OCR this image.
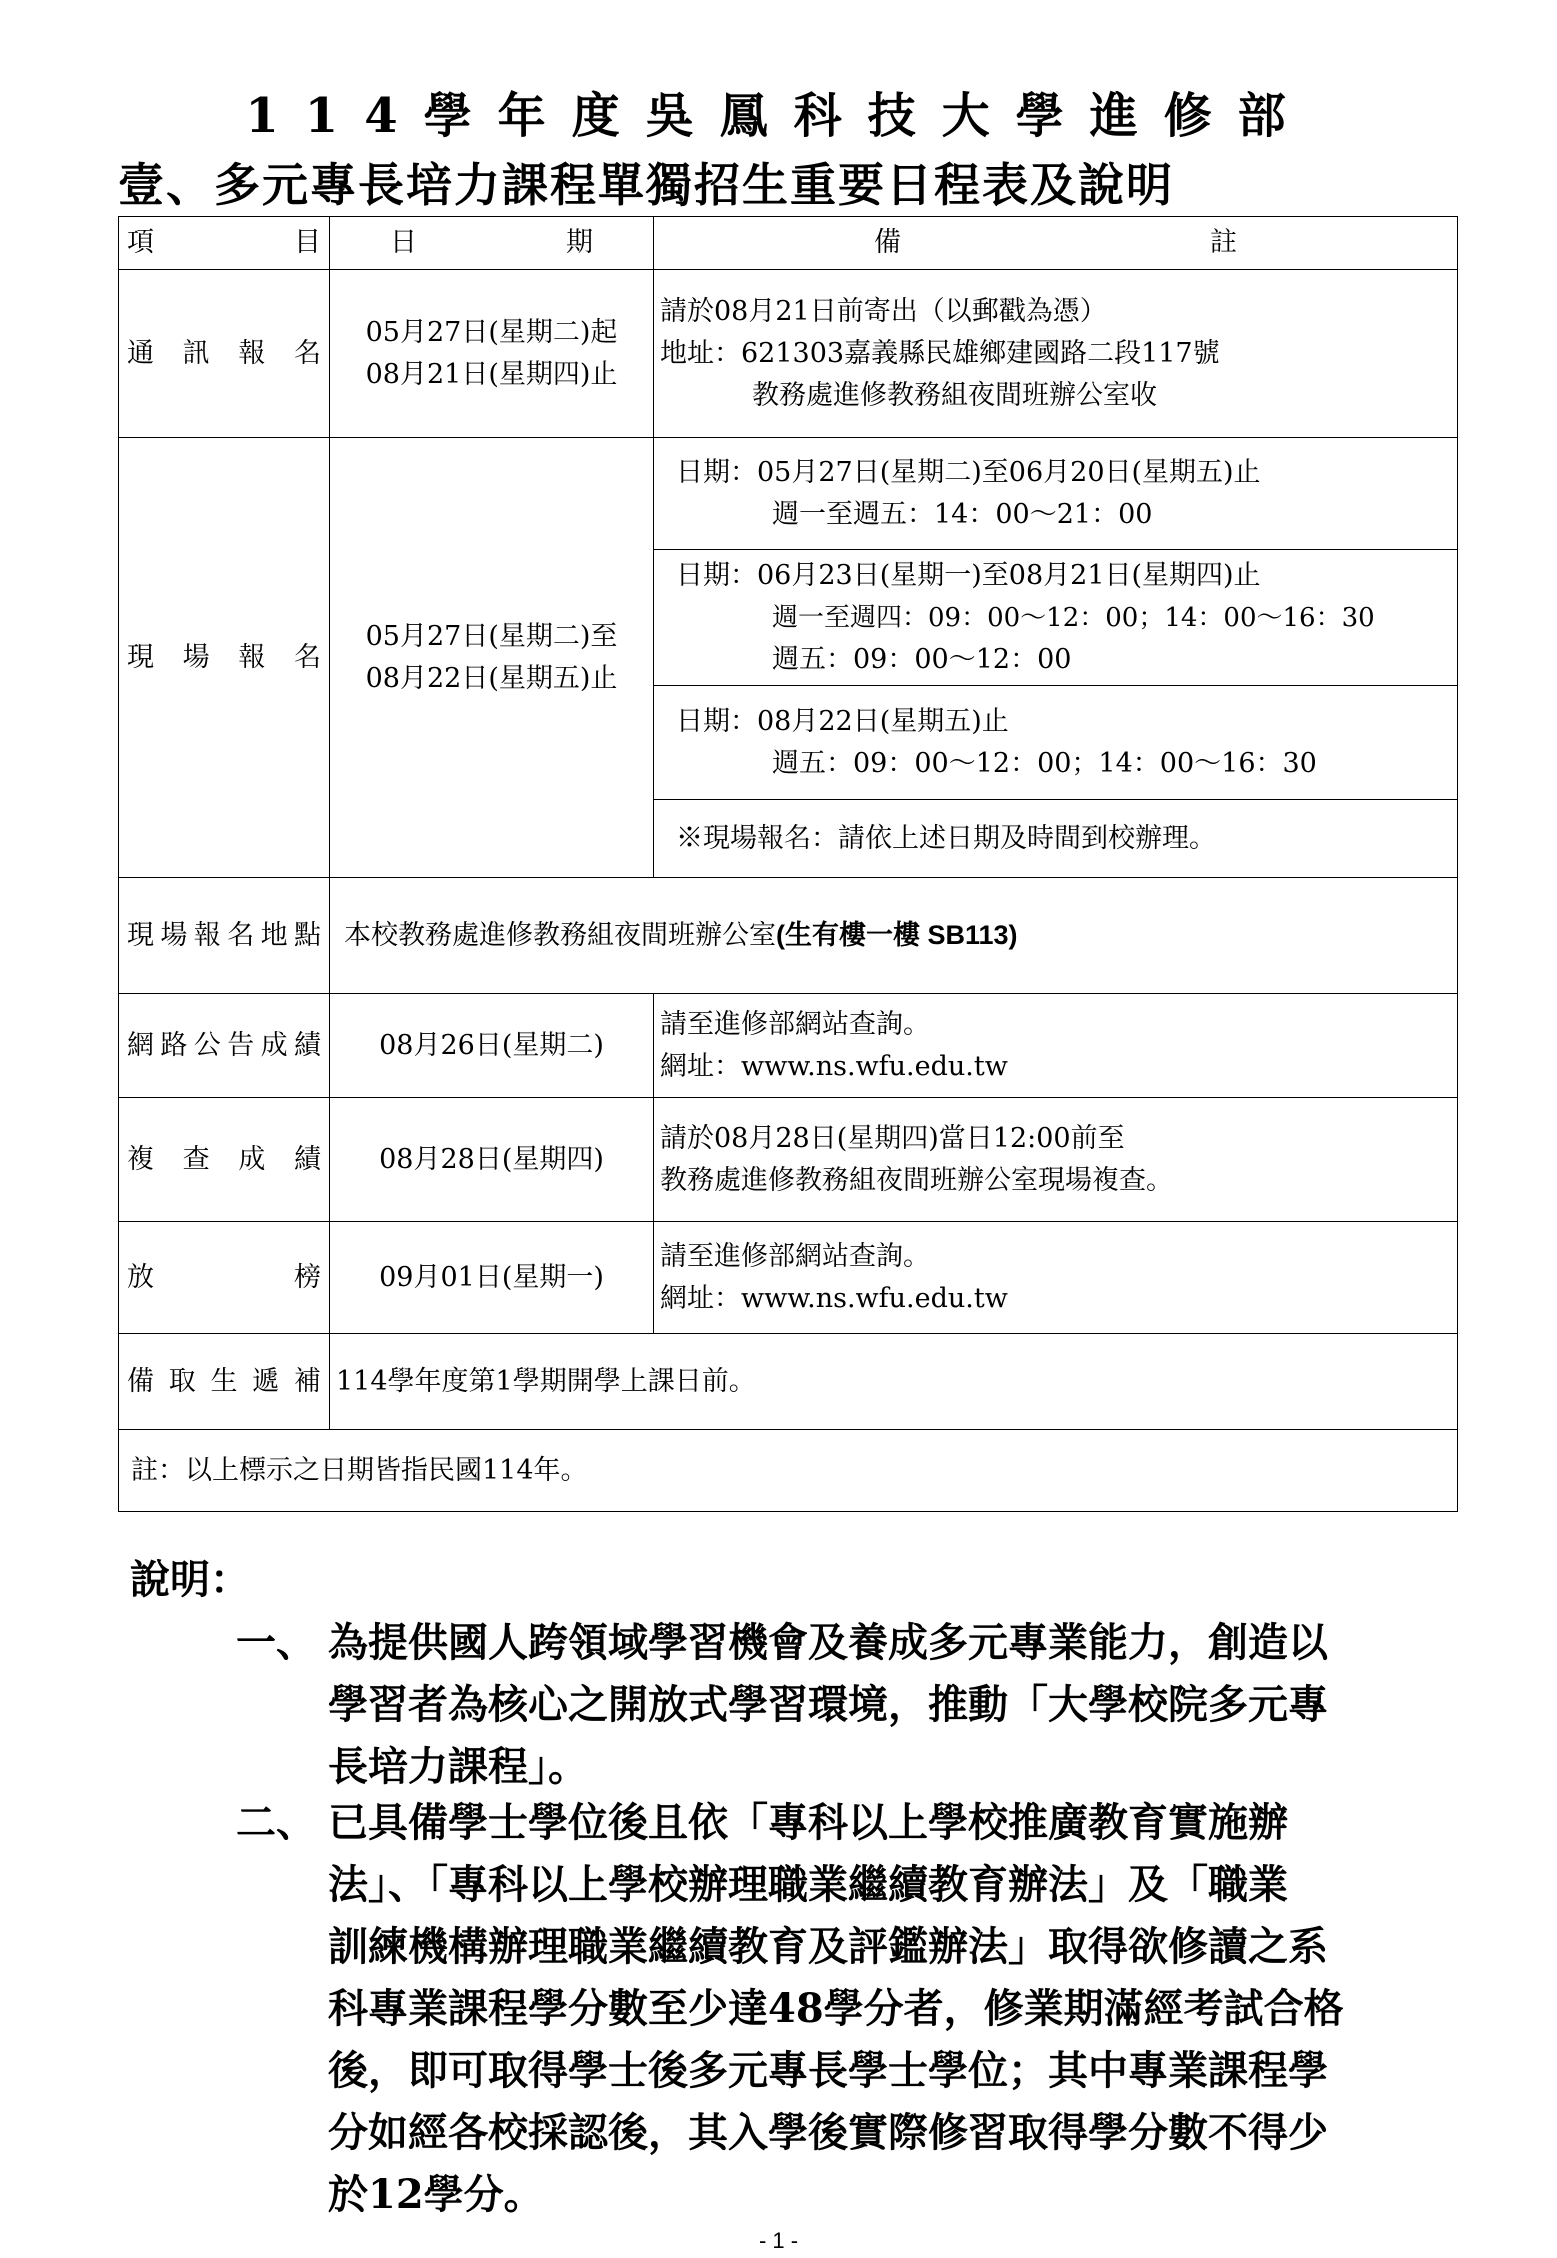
114學年度吳鳳科技大學進修部
壹、多元專長培力課程單獨招生重要日程表及說明
項目	日期	備註
通訊報名	05月27日(星期二)起
08月21日(星期四)止	請於08月21日前寄出（以郵戳為憑）
地址：621303嘉義縣民雄鄉建國路二段117號
教務處進修教務組夜間班辦公室收

現場報名	05月27日(星期二)至
08月22日(星期五)止	日期：05月27日(星期二)至06月20日(星期五)止
週一至週五：14：00～21：00

		日期：06月23日(星期一)至08月21日(星期四)止
週一至週四：09：00～12：00；14：00～16：30
週五：09：00～12：00

		日期：08月22日(星期五)止
週五：09：00～12：00；14：00～16：30

		※現場報名：請依上述日期及時間到校辦理。
現場報名地點	本校教務處進修教務組夜間班辦公室(生有樓一樓 SB113)	
網路公告成績	08月26日(星期二)	請至進修部網站查詢。
網址：www.ns.wfu.edu.tw

複查成績	08月28日(星期四)	請於08月28日(星期四)當日12:00前至
教務處進修教務組夜間班辦公室現場複查。

放榜	09月01日(星期一)	請至進修部網站查詢。
網址：www.ns.wfu.edu.tw

備取生遞補	114學年度第1學期開學上課日前。	
註：以上標示之日期皆指民國114年。		
說明：
一、 為提供國人跨領域學習機會及養成多元專業能力，創造以
學習者為核心之開放式學習環境，推動「大學校院多元專
長培力課程」。
二、 已具備學士學位後且依「專科以上學校推廣教育實施辦
法」、「專科以上學校辦理職業繼續教育辦法」及「職業
訓練機構辦理職業繼續教育及評鑑辦法」取得欲修讀之系
科專業課程學分數至少達48學分者，修業期滿經考試合格
後，即可取得學士後多元專長學士學位；其中專業課程學
分如經各校採認後，其入學後實際修習取得學分數不得少
於12學分。
- 1 -
